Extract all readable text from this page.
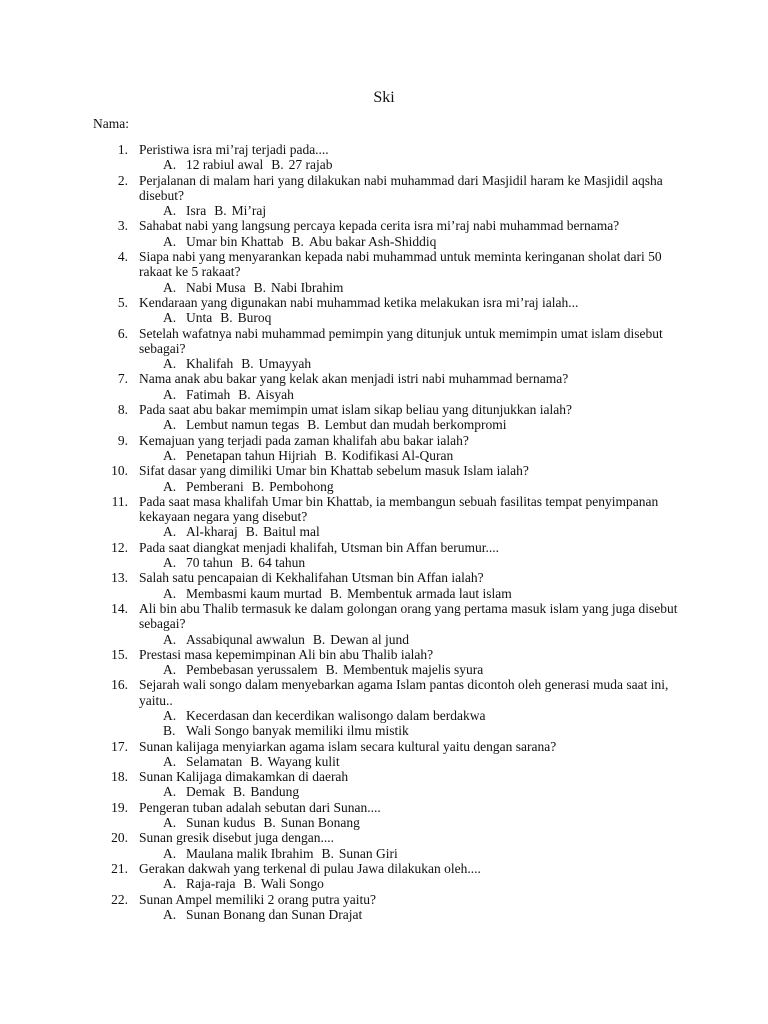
Ski
Nama:
1. Peristiwa isra mi’raj terjadi pada....
A. 12 rabiul awal B. 27 rajab
2. Perjalanan di malam hari yang dilakukan nabi muhammad dari Masjidil haram ke Masjidil aqsha disebut?
A. Isra B. Mi’raj
3. Sahabat nabi yang langsung percaya kepada cerita isra mi’raj nabi muhammad bernama?
A. Umar bin Khattab B. Abu bakar Ash-Shiddiq
4. Siapa nabi yang menyarankan kepada nabi muhammad untuk meminta keringanan sholat dari 50 rakaat ke 5 rakaat?
A. Nabi Musa B. Nabi Ibrahim
5. Kendaraan yang digunakan nabi muhammad ketika melakukan isra mi’raj ialah...
A. Unta B. Buroq
6. Setelah wafatnya nabi muhammad pemimpin yang ditunjuk untuk memimpin umat islam disebut sebagai?
A. Khalifah B. Umayyah
7. Nama anak abu bakar yang kelak akan menjadi istri nabi muhammad bernama?
A. Fatimah B. Aisyah
8. Pada saat abu bakar memimpin umat islam sikap beliau yang ditunjukkan ialah?
A. Lembut namun tegas B. Lembut dan mudah berkompromi
9. Kemajuan yang terjadi pada zaman khalifah abu bakar ialah?
A. Penetapan tahun Hijriah B. Kodifikasi Al-Quran
10. Sifat dasar yang dimiliki Umar bin Khattab sebelum masuk Islam ialah?
A. Pemberani B. Pembohong
11. Pada saat masa khalifah Umar bin Khattab, ia membangun sebuah fasilitas tempat penyimpanan kekayaan negara yang disebut?
A. Al-kharaj B. Baitul mal
12. Pada saat diangkat menjadi khalifah, Utsman bin Affan berumur....
A. 70 tahun B. 64 tahun
13. Salah satu pencapaian di Kekhalifahan Utsman bin Affan ialah?
A. Membasmi kaum murtad B. Membentuk armada laut islam
14. Ali bin abu Thalib termasuk ke dalam golongan orang yang pertama masuk islam yang juga disebut sebagai?
A. Assabiqunal awwalun B. Dewan al jund
15. Prestasi masa kepemimpinan Ali bin abu Thalib ialah?
A. Pembebasan yerussalem B. Membentuk majelis syura
16. Sejarah wali songo dalam menyebarkan agama Islam pantas dicontoh oleh generasi muda saat ini, yaitu..
A. Kecerdasan dan kecerdikan walisongo dalam berdakwa
B. Wali Songo banyak memiliki ilmu mistik
17. Sunan kalijaga menyiarkan agama islam secara kultural yaitu dengan sarana?
A. Selamatan B. Wayang kulit
18. Sunan Kalijaga dimakamkan di daerah
A. Demak B. Bandung
19. Pengeran tuban adalah sebutan dari Sunan....
A. Sunan kudus B. Sunan Bonang
20. Sunan gresik disebut juga dengan....
A. Maulana malik Ibrahim B. Sunan Giri
21. Gerakan dakwah yang terkenal di pulau Jawa dilakukan oleh....
A. Raja-raja B. Wali Songo
22. Sunan Ampel memiliki 2 orang putra yaitu?
A. Sunan Bonang dan Sunan Drajat
